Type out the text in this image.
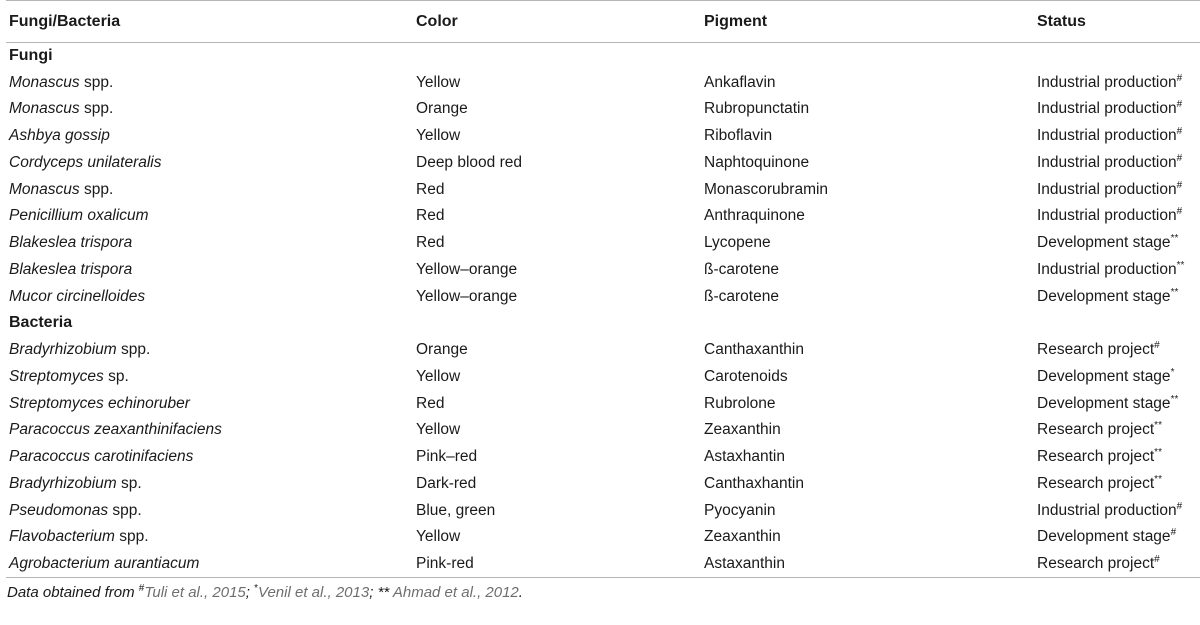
Fungi/Bacteria	Color	Pigment	Status
Fungi			
Monascus spp.	Yellow	Ankaflavin	Industrial production#
Monascus spp.	Orange	Rubropunctatin	Industrial production#
Ashbya gossip	Yellow	Riboflavin	Industrial production#
Cordyceps unilateralis	Deep blood red	Naphtoquinone	Industrial production#
Monascus spp.	Red	Monascorubramin	Industrial production#
Penicillium oxalicum	Red	Anthraquinone	Industrial production#
Blakeslea trispora	Red	Lycopene	Development stage**
Blakeslea trispora	Yellow–orange	ß-carotene	Industrial production**
Mucor circinelloides	Yellow–orange	ß-carotene	Development stage**
Bacteria			
Bradyrhizobium spp.	Orange	Canthaxanthin	Research project#
Streptomyces sp.	Yellow	Carotenoids	Development stage*
Streptomyces echinoruber	Red	Rubrolone	Development stage**
Paracoccus zeaxanthinifaciens	Yellow	Zeaxanthin	Research project**
Paracoccus carotinifaciens	Pink–red	Astaxhantin	Research project**
Bradyrhizobium sp.	Dark-red	Canthaxhantin	Research project**
Pseudomonas spp.	Blue, green	Pyocyanin	Industrial production#
Flavobacterium spp.	Yellow	Zeaxanthin	Development stage#
Agrobacterium aurantiacum	Pink-red	Astaxanthin	Research project#
Data obtained from #Tuli et al., 2015; *Venil et al., 2013; ** Ahmad et al., 2012.
